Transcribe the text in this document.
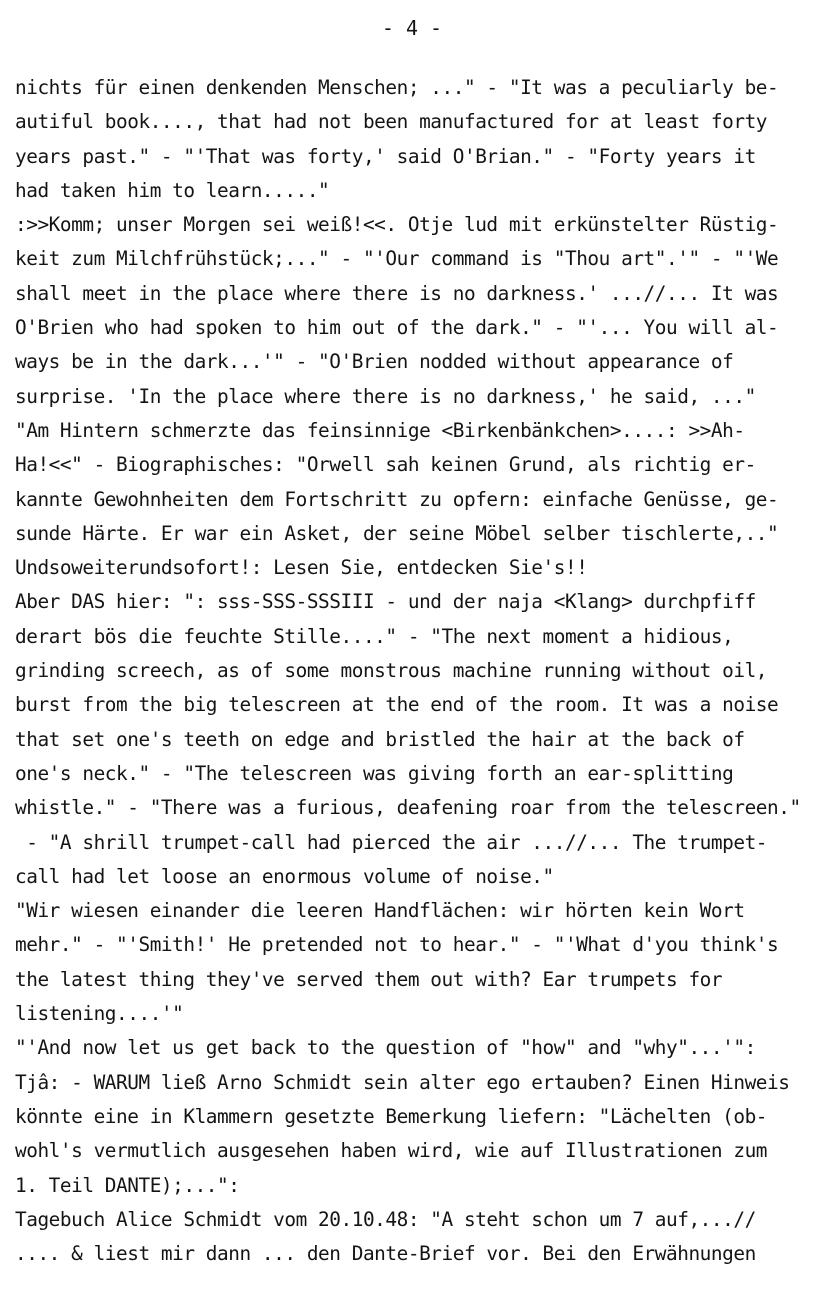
- 4 -
nichts für einen denkenden Menschen; ..." - "It was a peculiarly be-
autiful book...., that had not been manufactured for at least forty
years past." - "'That was forty,' said O'Brian." - "Forty years it
had taken him to learn....."
:>>Komm; unser Morgen sei weiß!<<. Otje lud mit erkünstelter Rüstig-
keit zum Milchfrühstück;..." - "'Our command is "Thou art".'" - "'We
shall meet in the place where there is no darkness.' ...//... It was
O'Brien who had spoken to him out of the dark." - "'... You will al-
ways be in the dark...'" - "O'Brien nodded without appearance of
surprise. 'In the place where there is no darkness,' he said, ..."
"Am Hintern schmerzte das feinsinnige <Birkenbänkchen>....: >>Ah-
Ha!<<" - Biographisches: "Orwell sah keinen Grund, als richtig er-
kannte Gewohnheiten dem Fortschritt zu opfern: einfache Genüsse, ge-
sunde Härte. Er war ein Asket, der seine Möbel selber tischlerte,.."
Undsoweiterundsofort!: Lesen Sie, entdecken Sie's!!
Aber DAS hier: ": sss-SSS-SSSIII - und der naja <Klang> durchpfiff
derart bös die feuchte Stille...." - "The next moment a hidious,
grinding screech, as of some monstrous machine running without oil,
burst from the big telescreen at the end of the room. It was a noise
that set one's teeth on edge and bristled the hair at the back of
one's neck." - "The telescreen was giving forth an ear-splitting
whistle." - "There was a furious, deafening roar from the telescreen."
- "A shrill trumpet-call had pierced the air ...//... The trumpet-
call had let loose an enormous volume of noise."
"Wir wiesen einander die leeren Handflächen: wir hörten kein Wort
mehr." - "'Smith!' He pretended not to hear." - "'What d'you think's
the latest thing they've served them out with? Ear trumpets for
listening....'"
"'And now let us get back to the question of "how" and "why"...'":
Tjâ: - WARUM ließ Arno Schmidt sein alter ego ertauben? Einen Hinweis
könnte eine in Klammern gesetzte Bemerkung liefern: "Lächelten (ob-
wohl's vermutlich ausgesehen haben wird, wie auf Illustrationen zum
1. Teil DANTE);...":
Tagebuch Alice Schmidt vom 20.10.48: "A steht schon um 7 auf,...//
.... & liest mir dann ... den Dante-Brief vor. Bei den Erwähnungen
